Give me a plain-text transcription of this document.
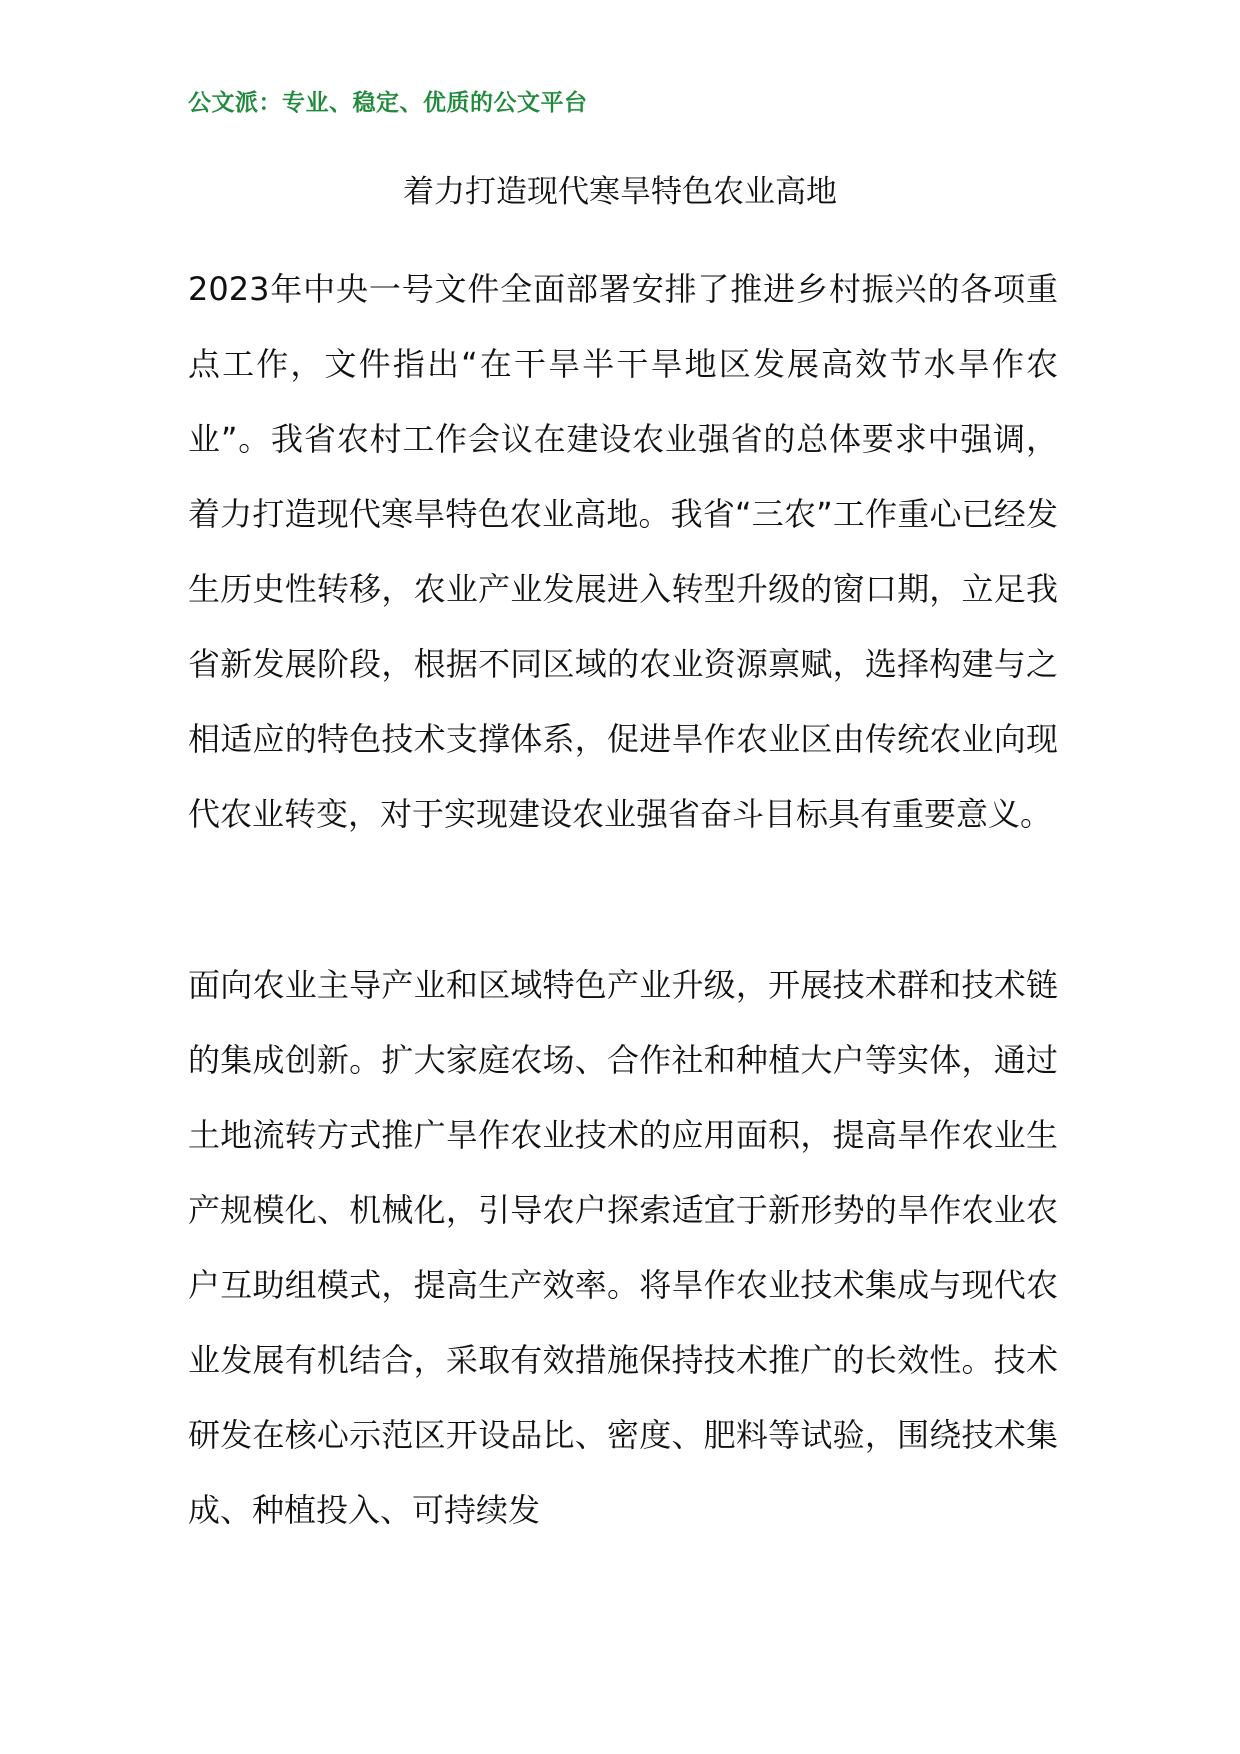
公文派：专业、稳定、优质的公文平台
着力打造现代寒旱特色农业高地

2023年中央一号文件全面部署安排了推进乡村振兴的各项重点工作，文件指出“在干旱半干旱地区发展高效节水旱作农业”。我省农村工作会议在建设农业强省的总体要求中强调，着力打造现代寒旱特色农业高地。我省“三农”工作重心已经发生历史性转移，农业产业发展进入转型升级的窗口期，立足我省新发展阶段，根据不同区域的农业资源禀赋，选择构建与之相适应的特色技术支撑体系，促进旱作农业区由传统农业向现代农业转变，对于实现建设农业强省奋斗目标具有重要意义。

面向农业主导产业和区域特色产业升级，开展技术群和技术链的集成创新。扩大家庭农场、合作社和种植大户等实体，通过土地流转方式推广旱作农业技术的应用面积，提高旱作农业生产规模化、机械化，引导农户探索适宜于新形势的旱作农业农户互助组模式，提高生产效率。将旱作农业技术集成与现代农业发展有机结合，采取有效措施保持技术推广的长效性。技术研发在核心示范区开设品比、密度、肥料等试验，围绕技术集成、种植投入、可持续发
